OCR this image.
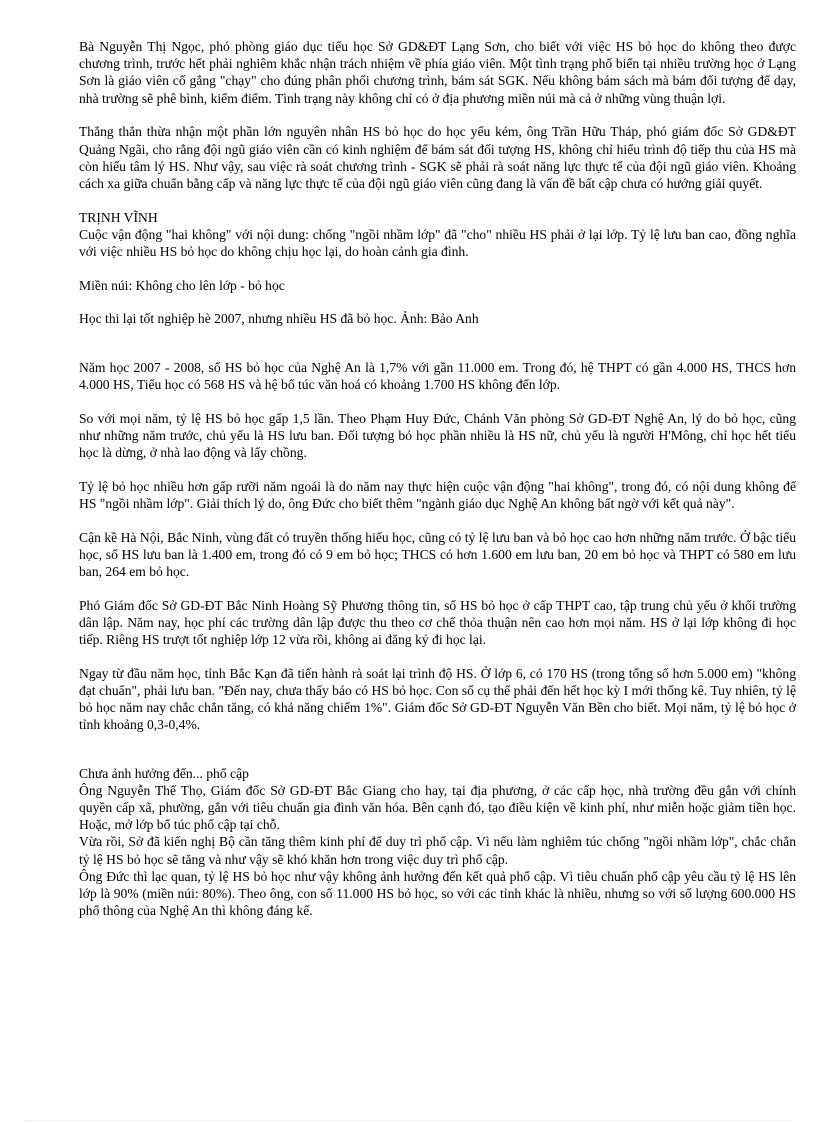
Bà Nguyễn Thị Ngọc, phó phòng giáo dục tiểu học Sở GD&ĐT Lạng Sơn, cho biết với việc HS bỏ học do không theo được chương trình, trước hết phải nghiêm khắc nhận trách nhiệm về phía giáo viên. Một tình trạng phổ biến tại nhiều trường học ở Lạng Sơn là giáo viên cố gắng "chạy" cho đúng phân phối chương trình, bám sát SGK. Nếu không bám sách mà bám đối tượng để dạy, nhà trường sẽ phê bình, kiểm điểm. Tình trạng này không chỉ có ở địa phương miền núi mà cả ở những vùng thuận lợi.

Thẳng thắn thừa nhận một phần lớn nguyên nhân HS bỏ học do học yếu kém, ông Trần Hữu Tháp, phó giám đốc Sở GD&ĐT Quảng Ngãi, cho rằng đội ngũ giáo viên cần có kinh nghiệm để bám sát đối tượng HS, không chỉ hiểu trình độ tiếp thu của HS mà còn hiểu tâm lý HS. Như vậy, sau việc rà soát chương trình - SGK sẽ phải rà soát năng lực thực tế của đội ngũ giáo viên. Khoảng cách xa giữa chuẩn bằng cấp và năng lực thực tế của đội ngũ giáo viên cũng đang là vấn đề bất cập chưa có hướng giải quyết.

TRỊNH VĨNH
Cuộc vận động "hai không" với nội dung: chống "ngồi nhầm lớp" đã "cho" nhiều HS phải ở lại lớp. Tỷ lệ lưu ban cao, đồng nghĩa với việc nhiều HS bỏ học do không chịu học lại, do hoàn cảnh gia đình.

Miền núi: Không cho lên lớp - bỏ học

Học thi lại tốt nghiệp hè 2007, nhưng nhiều HS đã bỏ học. Ảnh: Bảo Anh

Năm học 2007 - 2008, số HS bỏ học của Nghệ An là 1,7% với gần 11.000 em. Trong đó, hệ THPT có gần 4.000 HS, THCS hơn 4.000 HS, Tiểu học có 568 HS và hệ bổ túc văn hoá có khoảng 1.700 HS không đến lớp.

So với mọi năm, tỷ lệ HS bỏ học gấp 1,5 lần. Theo Phạm Huy Đức, Chánh Văn phòng Sở GD-ĐT Nghệ An, lý do bỏ học, cũng như những năm trước, chủ yếu là HS lưu ban. Đối tượng bỏ học phần nhiều là HS nữ, chủ yếu là người H'Mông, chỉ học hết tiểu học là dừng, ở nhà lao động và lấy chồng.

Tỷ lệ bỏ học nhiều hơn gấp rưỡi năm ngoái là do năm nay thực hiện cuộc vận động "hai không", trong đó, có nội dung không để HS "ngồi nhầm lớp". Giải thích lý do, ông Đức cho biết thêm "ngành giáo dục Nghệ An không bất ngờ với kết quả này".

Cận kề Hà Nội, Bắc Ninh, vùng đất có truyền thống hiếu học, cũng có tỷ lệ lưu ban và bỏ học cao hơn những năm trước. Ở bậc tiểu học, số HS lưu ban là 1.400 em, trong đó có 9 em bỏ học; THCS có hơn 1.600 em lưu ban, 20 em bỏ học và THPT có 580 em lưu ban, 264 em bỏ học.

Phó Giám đốc Sở GD-ĐT Bắc Ninh Hoàng Sỹ Phương thông tin, số HS bỏ học ở cấp THPT cao, tập trung chủ yếu ở khối trường dân lập. Năm nay, học phí các trường dân lập được thu theo cơ chế thỏa thuận nên cao hơn mọi năm. HS ở lại lớp không đi học tiếp. Riêng HS trượt tốt nghiệp lớp 12 vừa rồi, không ai đăng ký đi học lại.

Ngay từ đầu năm học, tỉnh Bắc Kạn đã tiến hành rà soát lại trình độ HS. Ở lớp 6, có 170 HS (trong tổng số hơn 5.000 em) "không đạt chuẩn", phải lưu ban. "Đến nay, chưa thấy báo có HS bỏ học. Con số cụ thể phải đến hết học kỳ I mới thống kê. Tuy nhiên, tỷ lệ bỏ học năm nay chắc chắn tăng, có khả năng chiếm 1%". Giám đốc Sở GD-ĐT Nguyễn Văn Bền cho biết. Mọi năm, tỷ lệ bỏ học ở tỉnh khoảng 0,3-0,4%.

Chưa ảnh hưởng đến... phổ cập
Ông Nguyễn Thế Thọ, Giám đốc Sở GD-ĐT Bắc Giang cho hay, tại địa phương, ở các cấp học, nhà trường đều gắn với chính quyền cấp xã, phường, gắn với tiêu chuẩn gia đình văn hóa. Bên cạnh đó, tạo điều kiện về kinh phí, như miễn hoặc giảm tiền học. Hoặc, mở lớp bổ túc phổ cập tại chỗ.
Vừa rồi, Sở đã kiến nghị Bộ cần tăng thêm kinh phí để duy trì phổ cập. Vì nếu làm nghiêm túc chống "ngồi nhầm lớp", chắc chắn tỷ lệ HS bỏ học sẽ tăng và như vậy sẽ khó khăn hơn trong việc duy trì phổ cập.
Ông Đức thì lạc quan, tỷ lệ HS bỏ học như vậy không ảnh hưởng đến kết quả phổ cập. Vì tiêu chuẩn phổ cập yêu cầu tỷ lệ HS lên lớp là 90% (miền núi: 80%). Theo ông, con số 11.000 HS bỏ học, so với các tỉnh khác là nhiều, nhưng so với số lượng 600.000 HS phổ thông của Nghệ An thì không đáng kể.
